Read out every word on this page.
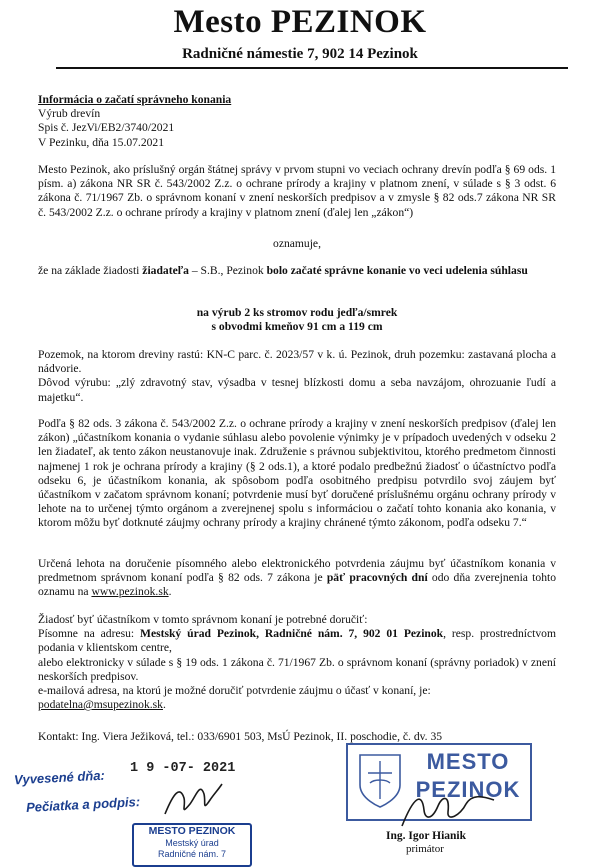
Mesto PEZINOK
Radničné námestie 7, 902 14 Pezinok
Informácia o začatí správneho konania
Výrub drevín
Spis č. JezVi/EB2/3740/2021
V Pezinku, dňa 15.07.2021
Mesto Pezinok, ako príslušný orgán štátnej správy v prvom stupni vo veciach ochrany drevín podľa § 69 ods. 1 písm. a) zákona NR SR č. 543/2002 Z.z. o ochrane prírody a krajiny v platnom znení, v súlade s § 3 odst. 6 zákona č. 71/1967 Zb. o správnom konaní v znení neskorších predpisov a v zmysle § 82 ods.7 zákona NR SR č. 543/2002 Z.z. o ochrane prírody a krajiny v platnom znení (ďalej len „zákon“)
oznamuje,
že na základe žiadosti žiadateľa – S.B., Pezinok bolo začaté správne konanie vo veci udelenia súhlasu
na výrub 2 ks stromov rodu jedľa/smrek
s obvodmi kmeňov 91 cm a 119 cm
Pozemok, na ktorom dreviny rastú: KN-C parc. č. 2023/57 v k. ú. Pezinok, druh pozemku: zastavaná plocha a nádvorie.
Dôvod výrubu: „zlý zdravotný stav, výsadba v tesnej blízkosti domu a seba navzájom, ohrozuanie ľudí a majetku“.
Podľa § 82 ods. 3 zákona č. 543/2002 Z.z. o ochrane prírody a krajiny v znení neskorších predpisov (ďalej len zákon) „účastníkom konania o vydanie súhlasu alebo povolenie výnimky je v prípadoch uvedených v odseku 2 len žiadateľ, ak tento zákon neustanovuje inak. Združenie s právnou subjektivitou, ktorého predmetom činnosti najmenej 1 rok je ochrana prírody a krajiny (§ 2 ods.1), a ktoré podalo predbežnú žiadosť o účastníctvo podľa odseku 6, je účastníkom konania, ak spôsobom podľa osobitného predpisu potvrdilo svoj záujem byť účastníkom v začatom správnom konaní; potvrdenie musí byť doručené príslušnému orgánu ochrany prírody v lehote na to určenej týmto orgánom a zverejnenej spolu s informáciou o začatí tohto konania ako konania, v ktorom môžu byť dotknuté záujmy ochrany prírody a krajiny chránené týmto zákonom, podľa odseku 7.“
Určená lehota na doručenie písomného alebo elektronického potvrdenia záujmu byť účastníkom konania v predmetnom správnom konaní podľa § 82 ods. 7 zákona je päť pracovných dní odo dňa zverejnenia tohto oznamu na www.pezinok.sk.
Žiadosť byť účastníkom v tomto správnom konaní je potrebné doručiť:
Písomne na adresu: Mestský úrad Pezinok, Radničné nám. 7, 902 01 Pezinok, resp. prostredníctvom podania v klientskom centre,
alebo elektronicky v súlade s § 19 ods. 1 zákona č. 71/1967 Zb. o správnom konaní (správny poriadok) v znení neskorších predpisov.
e-mailová adresa, na ktorú je možné doručiť potvrdenie záujmu o účasť v konaní, je:
podatelna@msupezinok.sk.
Kontakt: Ing. Viera Ježiková, tel.: 033/6901 503, MsÚ Pezinok, II. poschodie, č. dv. 35
Vyvesené dňa: 1 9 -07- 2021
Pečiatka a podpis:
MESTO PEZINOK
Mestský úrad
Radničné nám. 7
MESTO
PEZINOK
Ing. Igor Hianik
primátor
